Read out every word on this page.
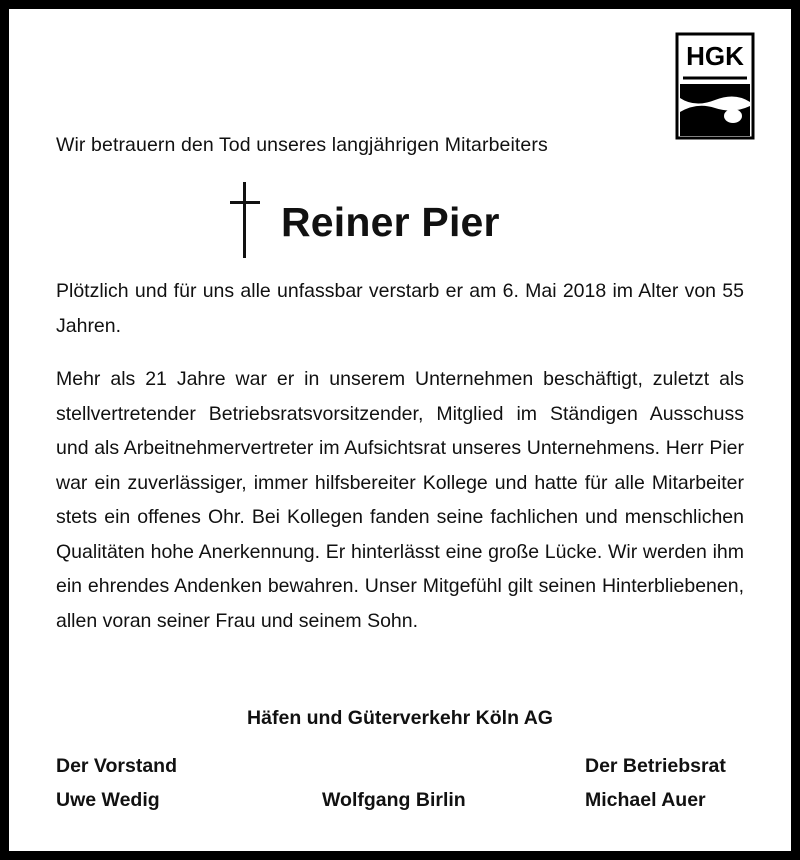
HGK
Wir betrauern den Tod unseres langjährigen Mitarbeiters
Reiner Pier
Plötzlich und für uns alle unfassbar verstarb er am 6. Mai 2018 im Alter von 55 Jahren.
Mehr als 21 Jahre war er in unserem Unternehmen beschäftigt, zuletzt als stellvertretender Betriebsratsvorsitzender, Mitglied im Ständigen Ausschuss und als Arbeitnehmervertreter im Aufsichtsrat unseres Unternehmens. Herr Pier war ein zuverlässiger, immer hilfsbereiter Kollege und hatte für alle Mitarbeiter stets ein offenes Ohr. Bei Kollegen fanden seine fachlichen und menschlichen Qualitäten hohe Anerkennung. Er hinterlässt eine große Lücke. Wir werden ihm ein ehrendes Andenken bewahren. Unser Mitgefühl gilt seinen Hinterbliebenen, allen voran seiner Frau und seinem Sohn.
Häfen und Güterverkehr Köln AG
Der Vorstand
Uwe Wedig	Wolfgang Birlin
Der Betriebsrat
Michael Auer
